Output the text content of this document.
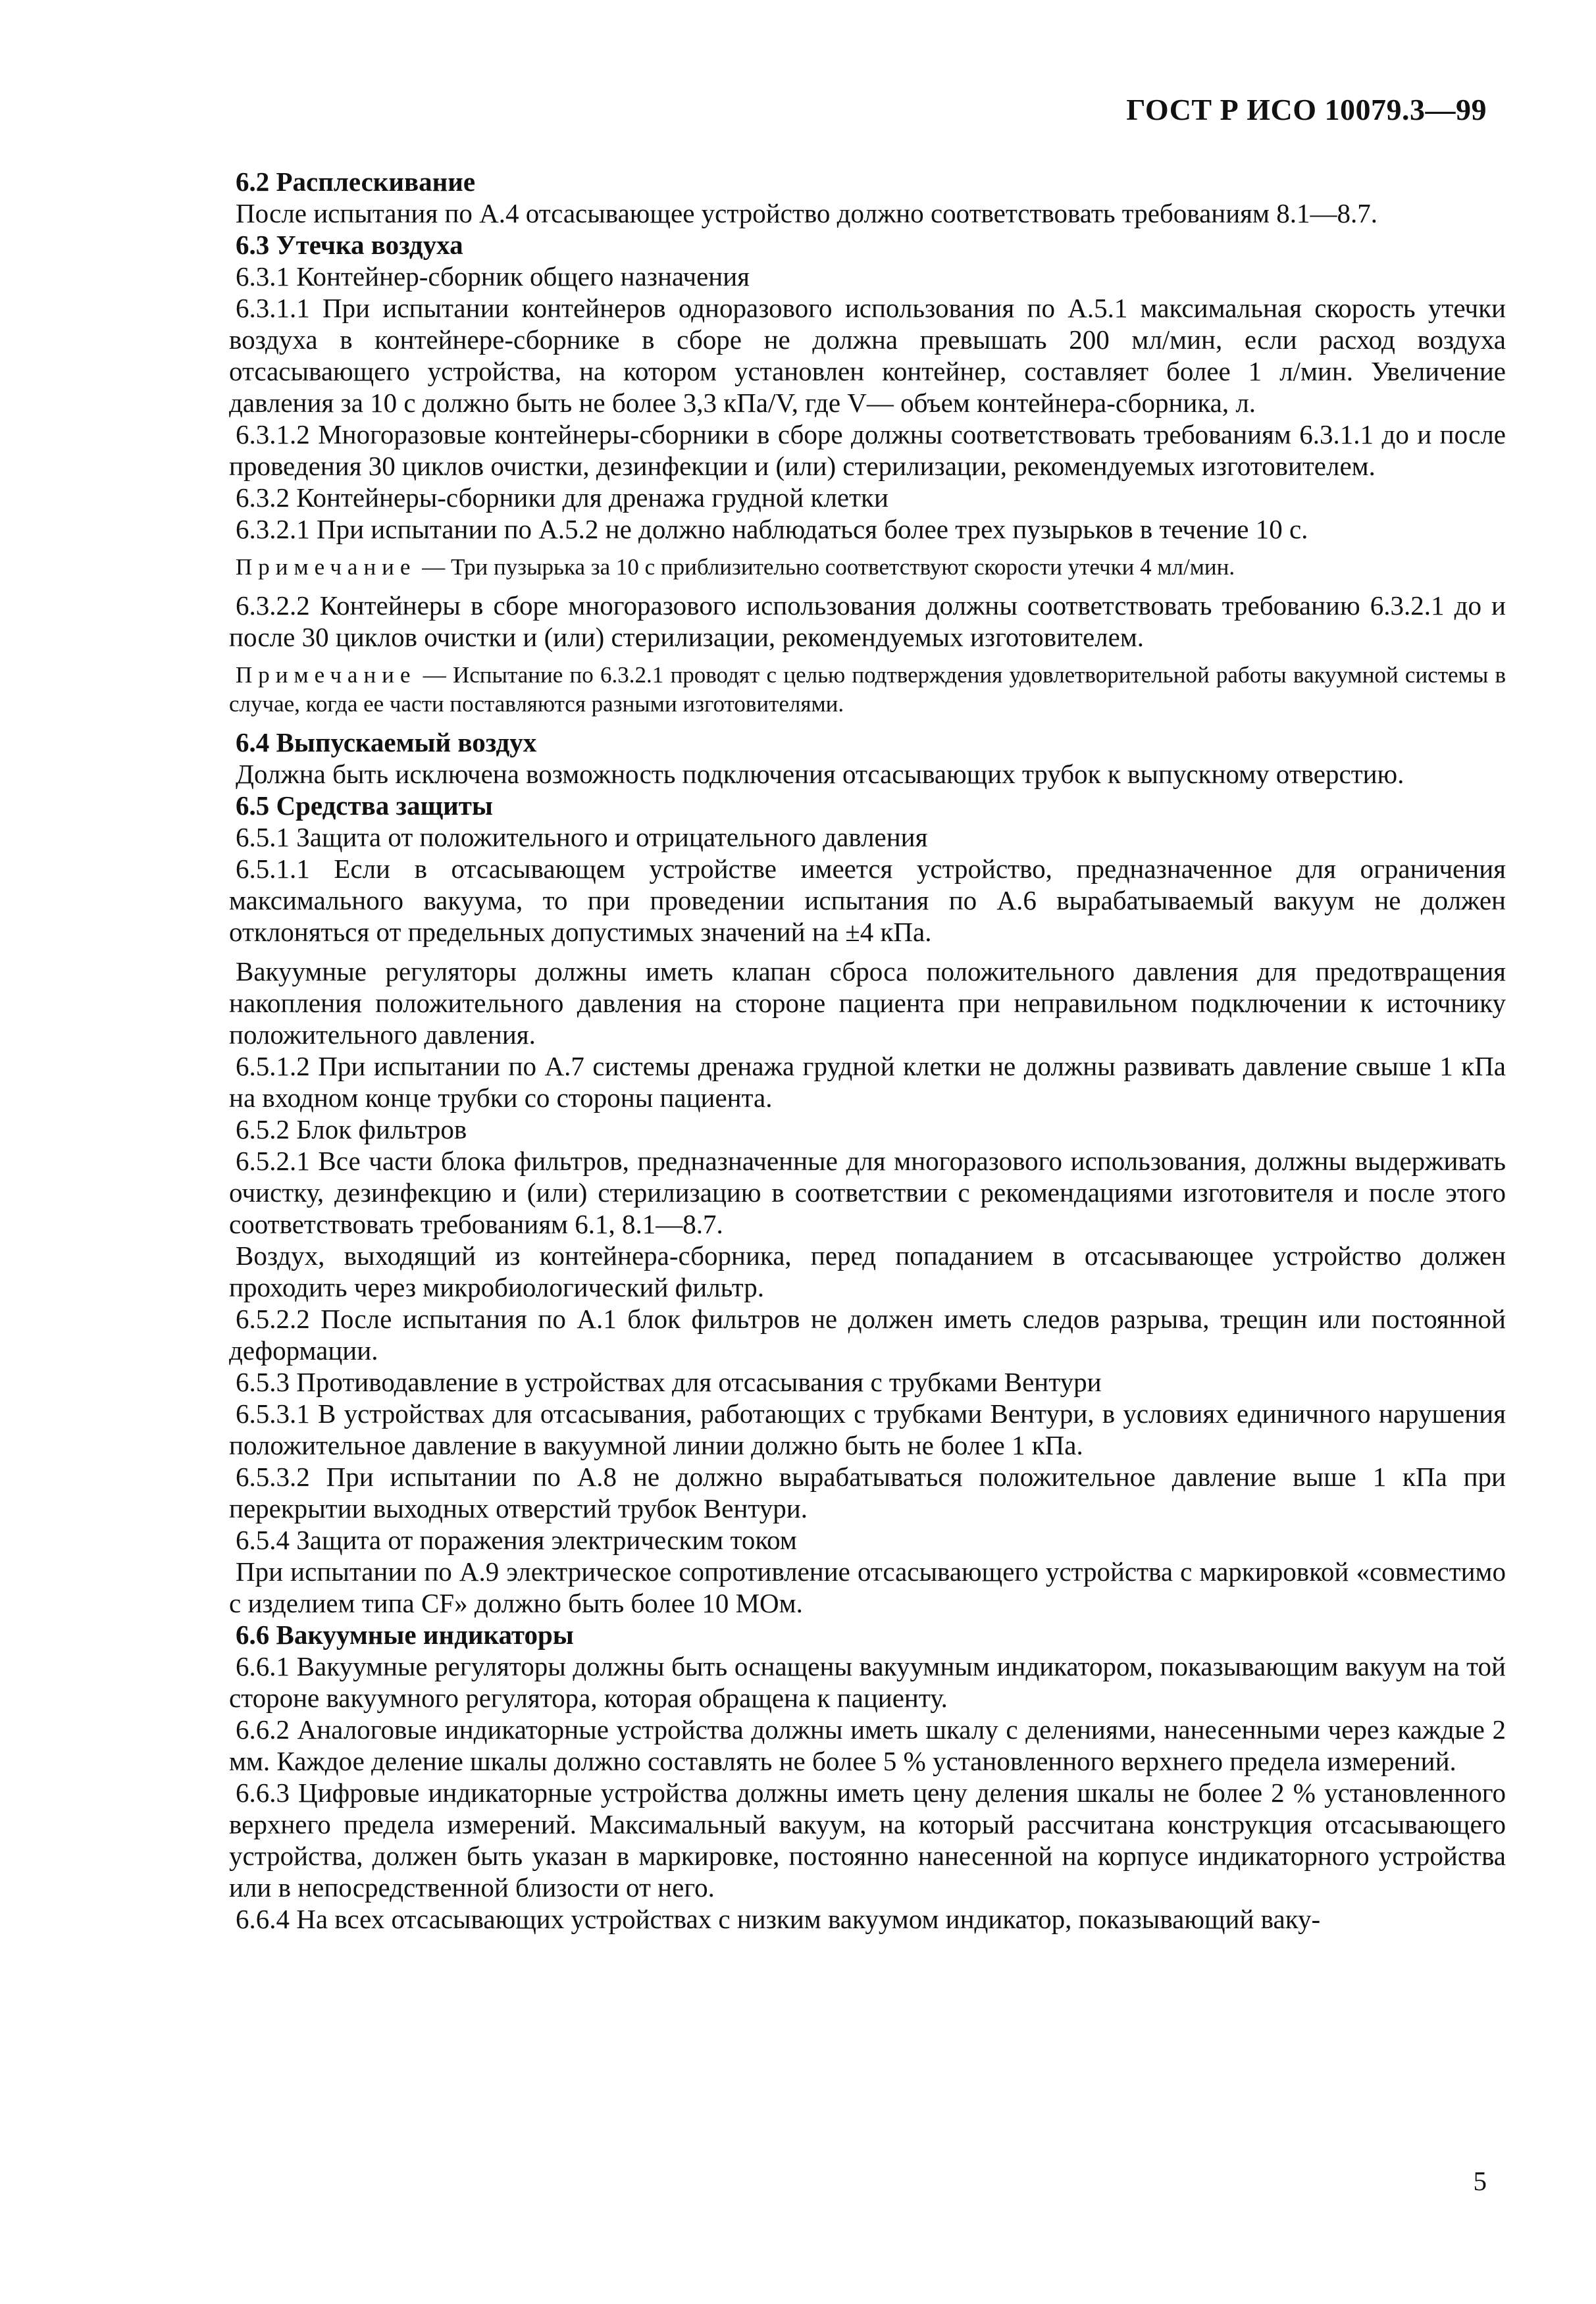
ГОСТ Р ИСО 10079.3—99

6.2 Расплескивание

После испытания по А.4 отсасывающее устройство должно соответствовать требованиям 8.1—8.7.

6.3 Утечка воздуха

6.3.1 Контейнер-сборник общего назначения

6.3.1.1 При испытании контейнеров одноразового использования по А.5.1 максимальная скорость утечки воздуха в контейнере-сборнике в сборе не должна превышать 200 мл/мин, если расход воздуха отсасывающего устройства, на котором установлен контейнер, составляет более 1 л/мин. Увеличение давления за 10 с должно быть не более 3,3 кПа/V, где V— объем контейнера-сборника, л.

6.3.1.2 Многоразовые контейнеры-сборники в сборе должны соответствовать требованиям 6.3.1.1 до и после проведения 30 циклов очистки, дезинфекции и (или) стерилизации, рекомендуемых изготовителем.

6.3.2 Контейнеры-сборники для дренажа грудной клетки

6.3.2.1 При испытании по А.5.2 не должно наблюдаться более трех пузырьков в течение 10 с.

Примечание — Три пузырька за 10 с приблизительно соответствуют скорости утечки 4 мл/мин.

6.3.2.2 Контейнеры в сборе многоразового использования должны соответствовать требованию 6.3.2.1 до и после 30 циклов очистки и (или) стерилизации, рекомендуемых изготовителем.

Примечание — Испытание по 6.3.2.1 проводят с целью подтверждения удовлетворительной работы вакуумной системы в случае, когда ее части поставляются разными изготовителями.

6.4 Выпускаемый воздух

Должна быть исключена возможность подключения отсасывающих трубок к выпускному отверстию.

6.5 Средства защиты

6.5.1 Защита от положительного и отрицательного давления

6.5.1.1 Если в отсасывающем устройстве имеется устройство, предназначенное для ограничения максимального вакуума, то при проведении испытания по А.6 вырабатываемый вакуум не должен отклоняться от предельных допустимых значений на ±4 кПа.

Вакуумные регуляторы должны иметь клапан сброса положительного давления для предотвращения накопления положительного давления на стороне пациента при неправильном подключении к источнику положительного давления.

6.5.1.2 При испытании по А.7 системы дренажа грудной клетки не должны развивать давление свыше 1 кПа на входном конце трубки со стороны пациента.

6.5.2 Блок фильтров

6.5.2.1 Все части блока фильтров, предназначенные для многоразового использования, должны выдерживать очистку, дезинфекцию и (или) стерилизацию в соответствии с рекомендациями изготовителя и после этого соответствовать требованиям 6.1, 8.1—8.7.

Воздух, выходящий из контейнера-сборника, перед попаданием в отсасывающее устройство должен проходить через микробиологический фильтр.

6.5.2.2 После испытания по А.1 блок фильтров не должен иметь следов разрыва, трещин или постоянной деформации.

6.5.3 Противодавление в устройствах для отсасывания с трубками Вентури

6.5.3.1 В устройствах для отсасывания, работающих с трубками Вентури, в условиях единичного нарушения положительное давление в вакуумной линии должно быть не более 1 кПа.

6.5.3.2 При испытании по А.8 не должно вырабатываться положительное давление выше 1 кПа при перекрытии выходных отверстий трубок Вентури.

6.5.4 Защита от поражения электрическим током

При испытании по А.9 электрическое сопротивление отсасывающего устройства с маркировкой «совместимо с изделием типа CF» должно быть более 10 МОм.

6.6 Вакуумные индикаторы

6.6.1 Вакуумные регуляторы должны быть оснащены вакуумным индикатором, показывающим вакуум на той стороне вакуумного регулятора, которая обращена к пациенту.

6.6.2 Аналоговые индикаторные устройства должны иметь шкалу с делениями, нанесенными через каждые 2 мм. Каждое деление шкалы должно составлять не более 5 % установленного верхнего предела измерений.

6.6.3 Цифровые индикаторные устройства должны иметь цену деления шкалы не более 2 % установленного верхнего предела измерений. Максимальный вакуум, на который рассчитана конструкция отсасывающего устройства, должен быть указан в маркировке, постоянно нанесенной на корпусе индикаторного устройства или в непосредственной близости от него.

6.6.4 На всех отсасывающих устройствах с низким вакуумом индикатор, показывающий ваку-

5
